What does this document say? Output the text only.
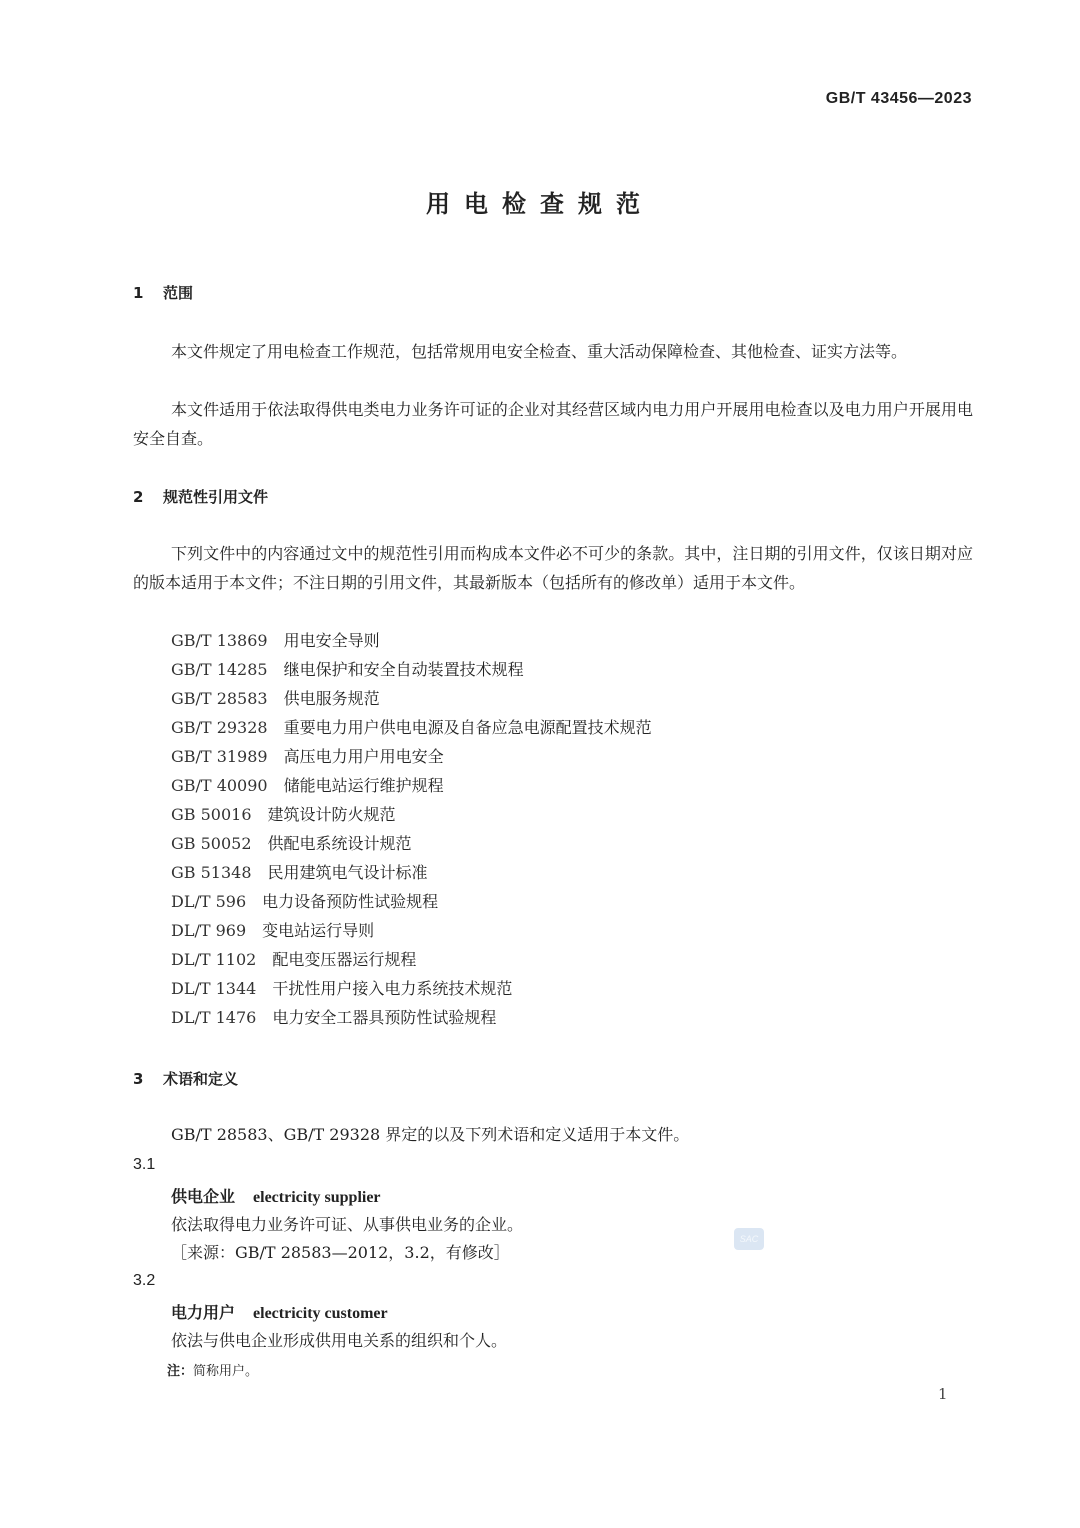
GB/T 43456—2023
用电检查规范
1 范围
本文件规定了用电检查工作规范，包括常规用电安全检查、重大活动保障检查、其他检查、证实方法等。
本文件适用于依法取得供电类电力业务许可证的企业对其经营区域内电力用户开展用电检查以及电力用户开展用电安全自查。
2 规范性引用文件
下列文件中的内容通过文中的规范性引用而构成本文件必不可少的条款。其中，注日期的引用文件，仅该日期对应的版本适用于本文件；不注日期的引用文件，其最新版本（包括所有的修改单）适用于本文件。
GB/T 13869 用电安全导则
GB/T 14285 继电保护和安全自动装置技术规程
GB/T 28583 供电服务规范
GB/T 29328 重要电力用户供电电源及自备应急电源配置技术规范
GB/T 31989 高压电力用户用电安全
GB/T 40090 储能电站运行维护规程
GB 50016 建筑设计防火规范
GB 50052 供配电系统设计规范
GB 51348 民用建筑电气设计标准
DL/T 596 电力设备预防性试验规程
DL/T 969 变电站运行导则
DL/T 1102 配电变压器运行规程
DL/T 1344 干扰性用户接入电力系统技术规范
DL/T 1476 电力安全工器具预防性试验规程
3 术语和定义
GB/T 28583、GB/T 29328 界定的以及下列术语和定义适用于本文件。
3.1
供电企业 electricity supplier
依法取得电力业务许可证、从事供电业务的企业。
［来源：GB/T 28583—2012，3.2，有修改］
3.2
电力用户 electricity customer
依法与供电企业形成供用电关系的组织和个人。
注：简称用户。
SAC
1
